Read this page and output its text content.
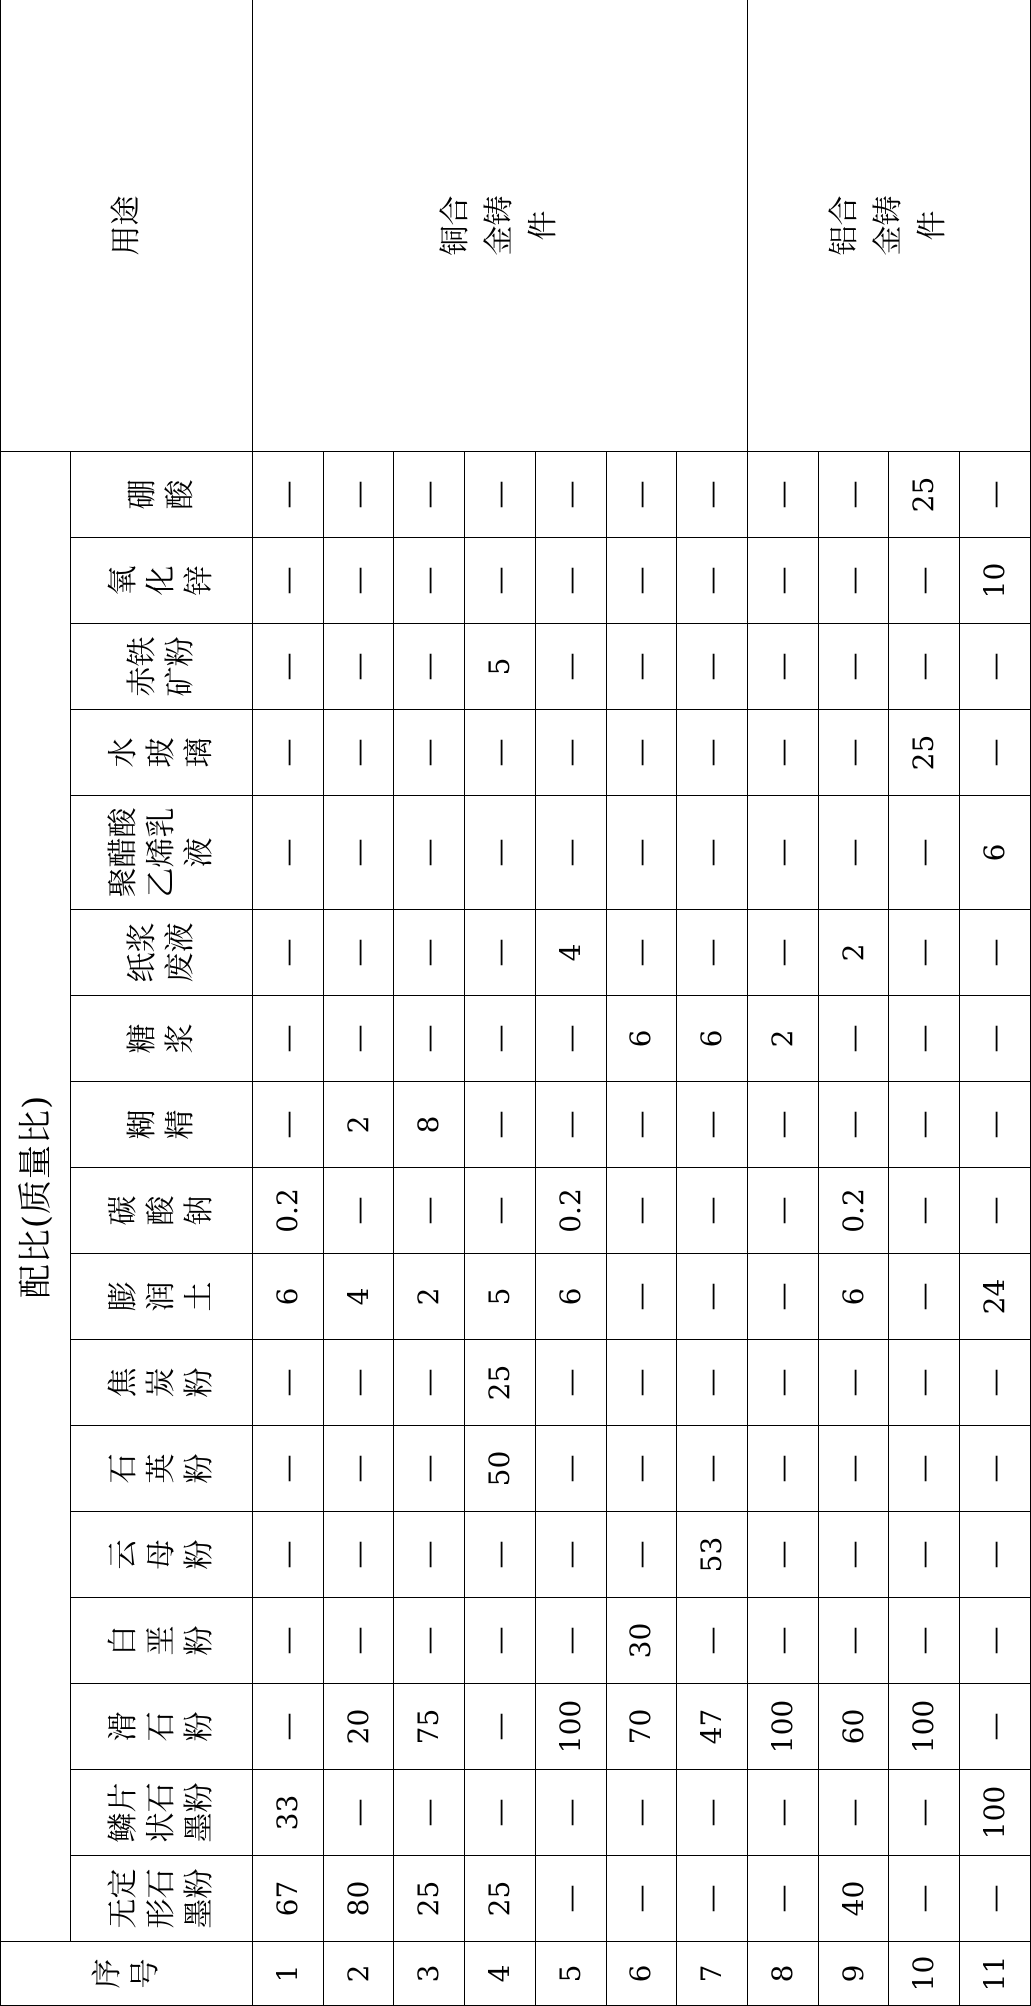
序
号	配比(质量比)																	用途
	无定
形石
墨粉	鳞片
状石
墨粉	滑
石
粉	白
垩
粉	云
母
粉	石
英
粉	焦
炭
粉	膨
润
土	碳
酸
钠	糊
精	糖
浆	纸浆
废液	聚醋酸
乙烯乳
液	水
玻
璃	赤铁
矿粉	氧
化
锌	硼
酸	
1	67	33	—	—	—	—	—	6	0.2	—	—	—	—	—	—	—	—	铜合
金铸
件
2	80	—	20	—	—	—	—	4	—	2	—	—	—	—	—	—	—	
3	25	—	75	—	—	—	—	2	—	8	—	—	—	—	—	—	—	
4	25	—	—	—	—	50	25	5	—	—	—	—	—	—	5	—	—	
5	—	—	100	—	—	—	—	6	0.2	—	—	4	—	—	—	—	—	
6	—	—	70	30	—	—	—	—	—	—	6	—	—	—	—	—	—	
7	—	—	47	—	53	—	—	—	—	—	6	—	—	—	—	—	—	
8	—	—	100	—	—	—	—	—	—	—	2	—	—	—	—	—	—	铝合
金铸
件
9	40	—	60	—	—	—	—	6	0.2	—	—	2	—	—	—	—	—	
10	—	—	100	—	—	—	—	—	—	—	—	—	—	25	—	—	25	
11	—	100	—	—	—	—	—	24	—	—	—	—	6	—	—	10	—	
